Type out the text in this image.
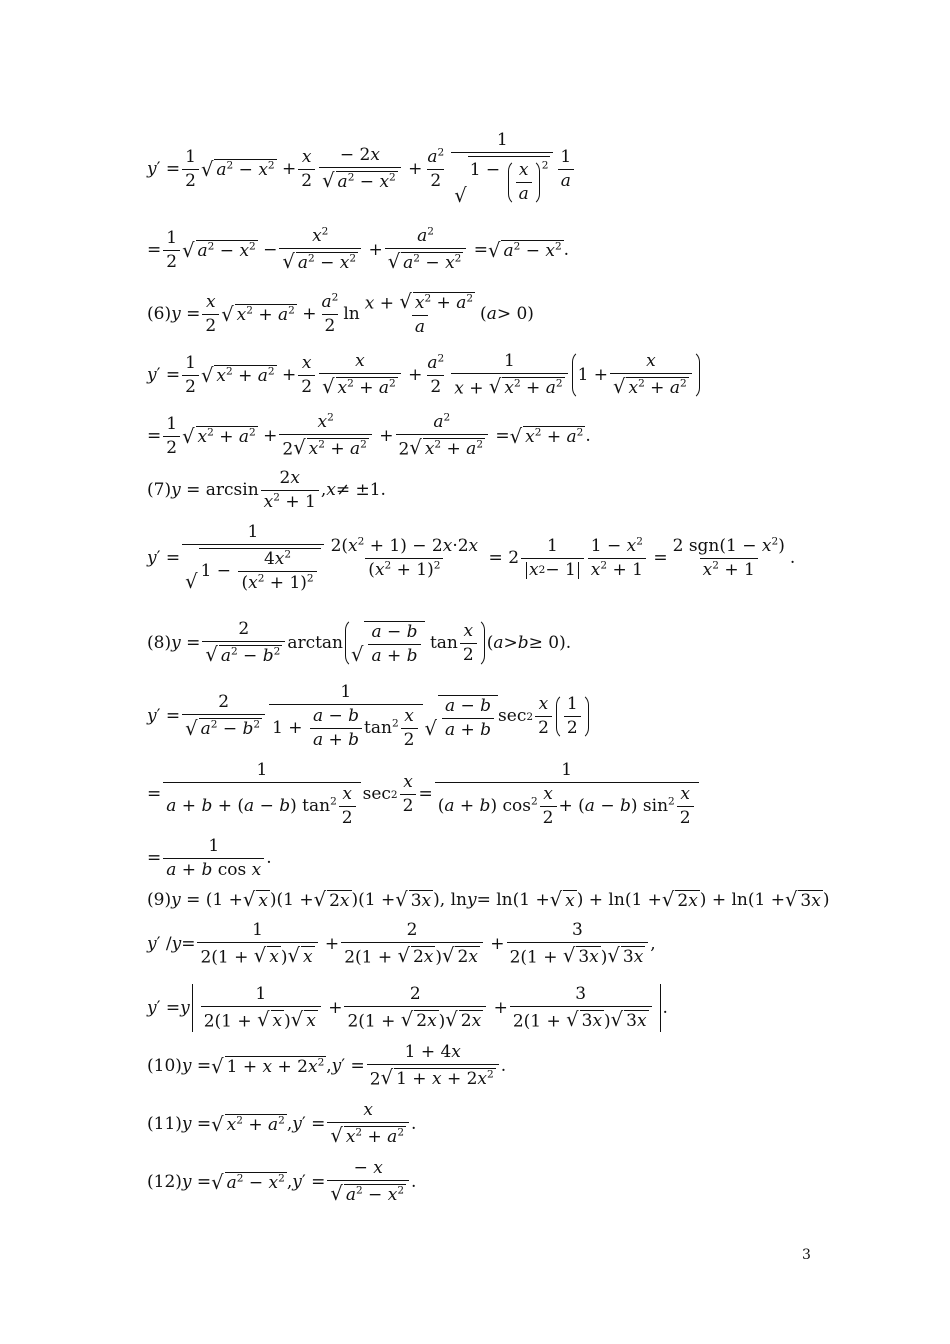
y ′ = $\frac{1}{2}$ √ $a^2 - x^2 + \frac{x}{2} \frac{- 2x}{√ a^2 - x^2} + \frac{a^2}{2} 1$
√
$1 - \frac{x}{a} ^2 \frac{1}{a}$
= $\frac{1}{2}$ √ $a^2 - x^2 - \frac{x^2}{√ a^2 - x^2} + \frac{a^2}{√ a^2 - x^2}$ = √ $a^2 - x^2$ .
(6) $y = \frac{x}{2}$ √ $x^2 + a^2 + \frac{a^2}{2}$ $\ln \frac{x + √ x^2 + a^2}{a}$ ( a > 0)
y ′ = $\frac{1}{2}$ √ $x^2 + a^2 + \frac{x}{2} \frac{x}{√ x^2 + a^2} + \frac{a^2}{2} \frac{1}{x + √ x^2 + a^2} 1 + \frac{x}{√ x^2 + a^2}$
= $\frac{1}{2}$ √ $x^2 + a^2 + \frac{x^2}{2 √ x^2 + a^2} + \frac{a^2}{2 √ x^2 + a^2}$ = √ $x^2 + a^2$ .
(7) $y = \arcsin \frac{2x}{x^2 + 1}$ , x ≠ ±1.
y ′ = $\frac{1}{√ 1 - \frac{4x^2}{(x^2 + 1)^2}} \frac{2(x^2 + 1) - 2x\cdot 2x}{(x^2 + 1)^2} = 2 \frac{1}{x 2 - 1} \frac{1 - x^2}{x^2 + 1} = \frac{2 sgn(1 - x^2)}{x^2 + 1}$ .
(8) $y = \frac{2}{√ a^2 - b^2}$ arctan
√ $\frac{a - b}{a + b}$ $\tan \frac{x}{2}$ ( a > b ≥ 0).
y ′ = $\frac{2}{√ a^2 - b^2} \frac{1}{1 + \frac{a - b}{a + b} \tan^2 \frac{x}{2}}$ √ $\frac{a - b}{a + b}$ $\sec 2 \frac{x}{2} \frac{1}{2}$
= $\frac{1}{a + b + (a - b) \tan^2 \frac{x}{2}}$ $\sec 2 \frac{x}{2} = \frac{1}{(a + b) \cos^2 \frac{x}{2} + (a - b) \sin^2 \frac{x}{2}}$
= $\frac{1}{\text{a + b cos x}}$ .
(9) y = (1 + √ x )(1 + √ 2x )(1 + √ 3x ), ln y = ln(1 + √ x ) + ln(1 + √ 2x ) + ln(1 + √ 3x )
y ′ / $y = \frac{1}{2(1 + √ x ) √ x} + \frac{2}{2(1 + √ 2x ) √ 2x} + \frac{3}{2(1 + √ 3x ) √ 3x}$ ,
y ′ = y $\frac{1}{2(1 + √ x ) √ x} + \frac{2}{2(1 + √ 2x ) √ 2x} + \frac{3}{2(1 + √ 3x ) √ 3x}$ .
(10) y = √ $1 + x + 2x^2$ , y ′ = $\frac{1 + 4x}{2 √ 1 + x + 2x^2}$ .
(11) y = √ $x^2 + a^2$ , y ′ = $\frac{x}{√ x^2 + a^2}$ .
(12) y = √ $a^2 - x^2$ , y ′ = $\frac{- x}{√ a^2 - x^2}$ .
3
